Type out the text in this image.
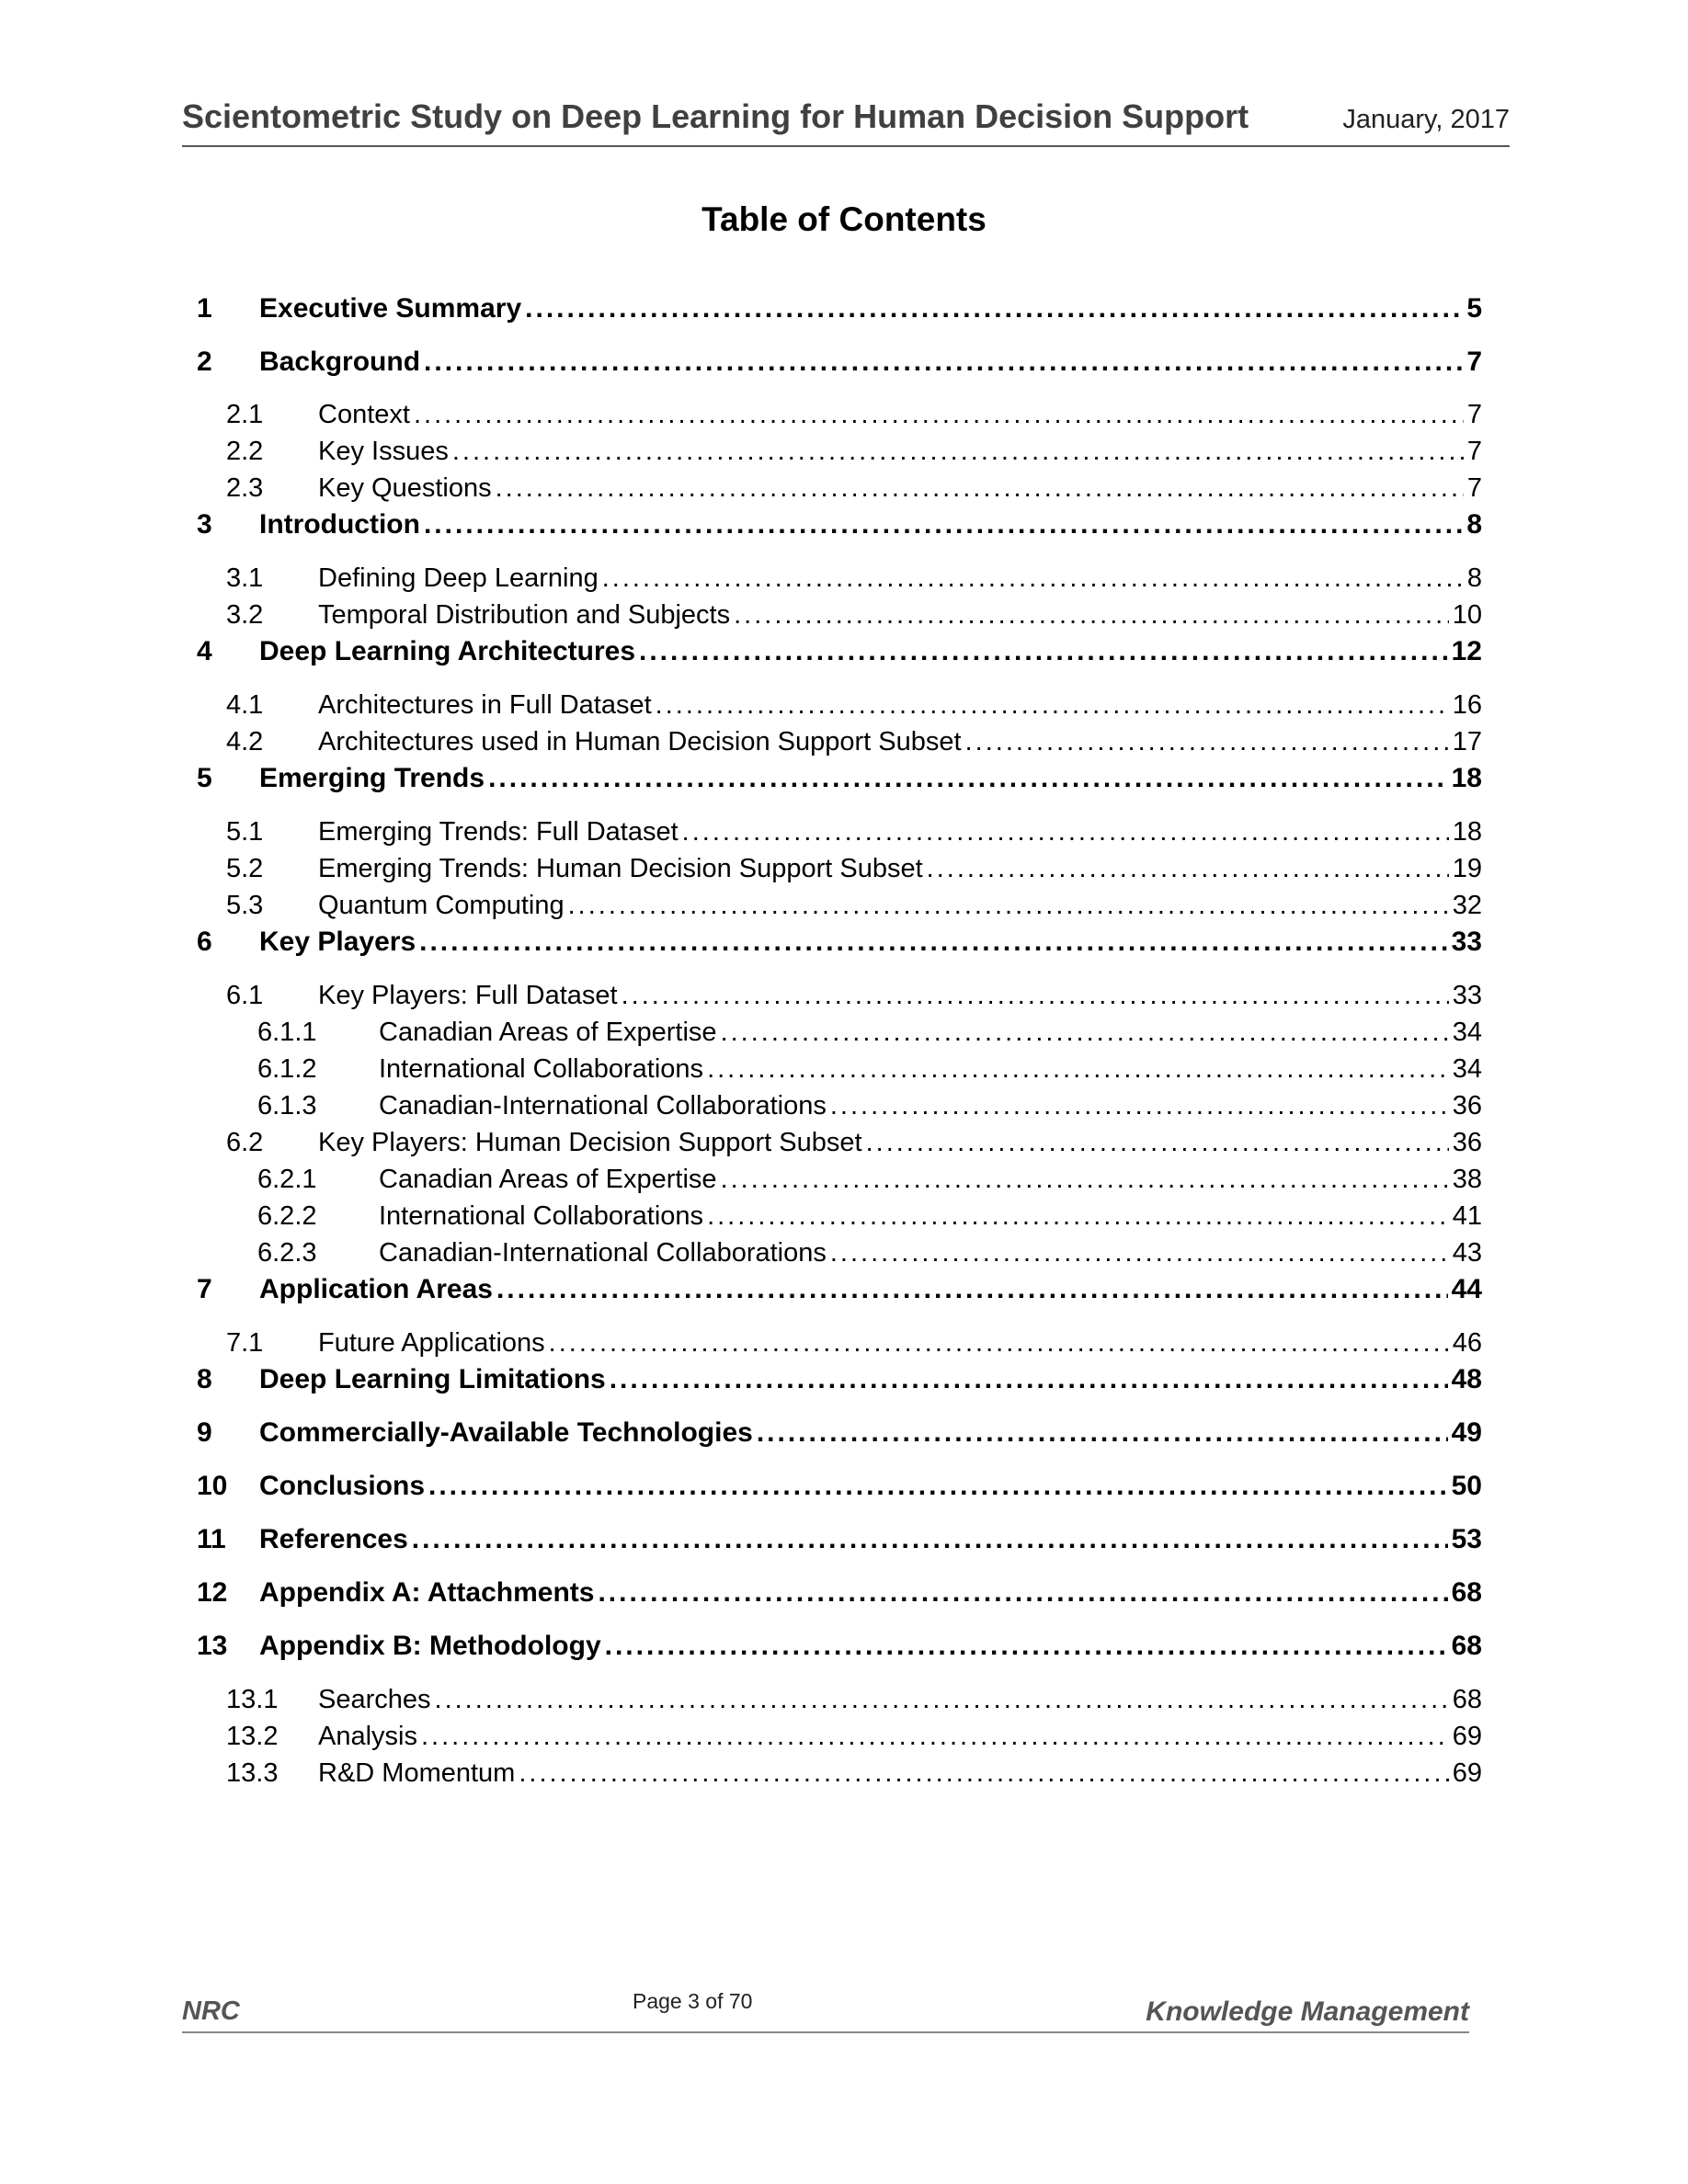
Scientometric Study on Deep Learning for Human Decision Support	January, 2017
Table of Contents
1	Executive Summary .....	5
2	Background .....	7
2.1	Context .....	7
2.2	Key Issues .....	7
2.3	Key Questions .....	7
3	Introduction .....	8
3.1	Defining Deep Learning .....	8
3.2	Temporal Distribution and Subjects .....	10
4	Deep Learning Architectures .....	12
4.1	Architectures in Full Dataset .....	16
4.2	Architectures used in Human Decision Support Subset .....	17
5	Emerging Trends .....	18
5.1	Emerging Trends: Full Dataset .....	18
5.2	Emerging Trends: Human Decision Support Subset .....	19
5.3	Quantum Computing .....	32
6	Key Players .....	33
6.1	Key Players: Full Dataset .....	33
6.1.1	Canadian Areas of Expertise .....	34
6.1.2	International Collaborations .....	34
6.1.3	Canadian-International Collaborations .....	36
6.2	Key Players: Human Decision Support Subset .....	36
6.2.1	Canadian Areas of Expertise .....	38
6.2.2	International Collaborations .....	41
6.2.3	Canadian-International Collaborations .....	43
7	Application Areas .....	44
7.1	Future Applications .....	46
8	Deep Learning Limitations .....	48
9	Commercially-Available Technologies .....	49
10	Conclusions .....	50
11	References .....	53
12	Appendix A: Attachments .....	68
13	Appendix B: Methodology .....	68
13.1	Searches .....	68
13.2	Analysis .....	69
13.3	R&D Momentum .....	69
NRC	Page 3 of 70	Knowledge Management
